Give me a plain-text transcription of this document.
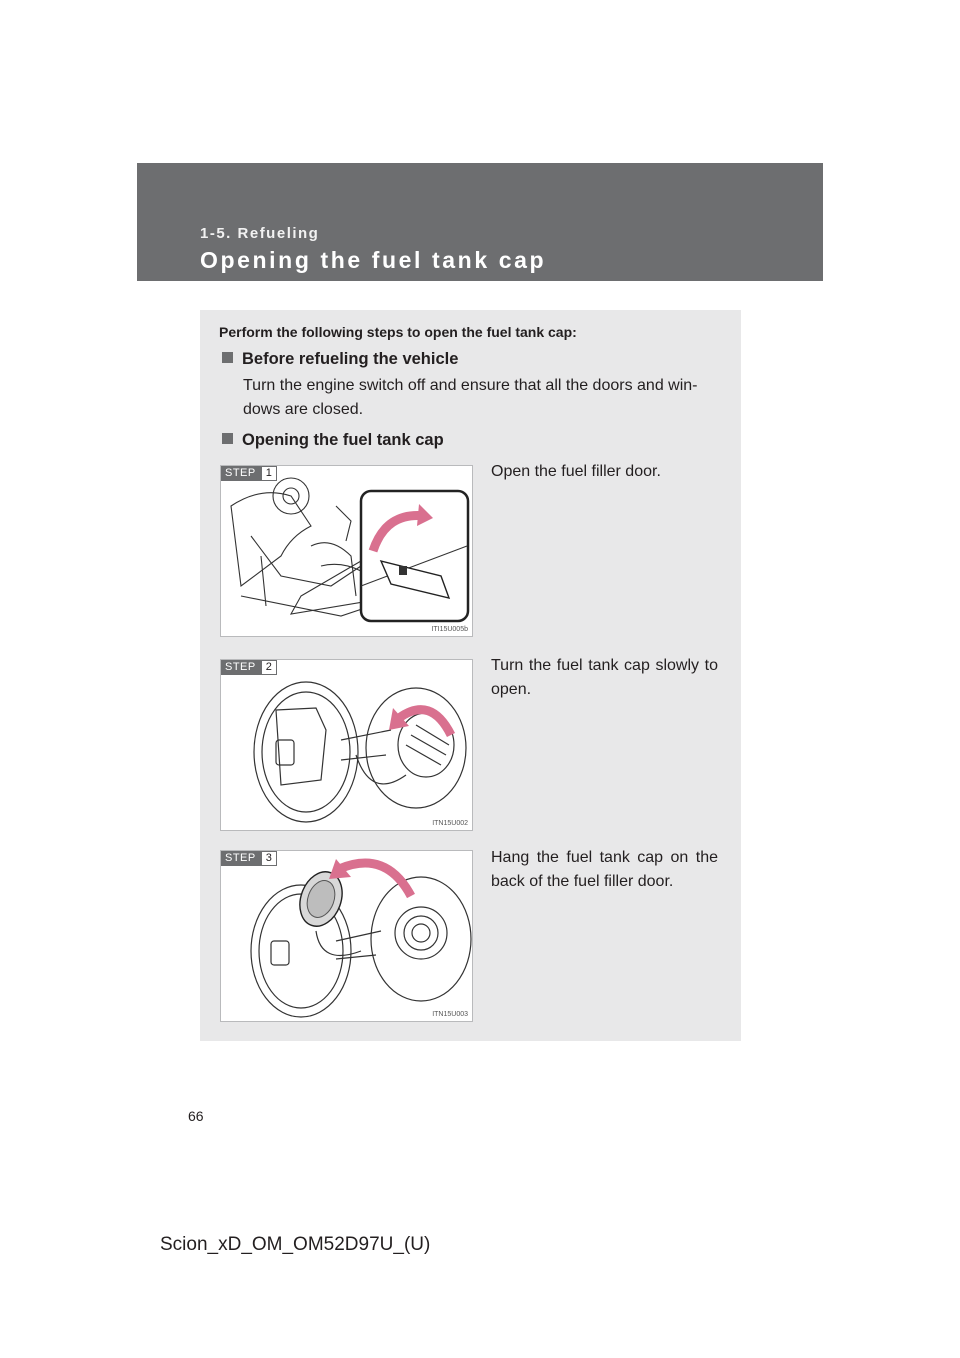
1-5. Refueling
Opening the fuel tank cap
Perform the following steps to open the fuel tank cap:
Before refueling the vehicle
Turn the engine switch off and ensure that all the doors and win-dows are closed.
Opening the fuel tank cap
STEP 1
ITI15U005b
Open the fuel filler door.
STEP 2
ITN15U002
Turn the fuel tank cap slowly to open.
STEP 3
ITN15U003
Hang the fuel tank cap on the back of the fuel filler door.
66
Scion_xD_OM_OM52D97U_(U)
